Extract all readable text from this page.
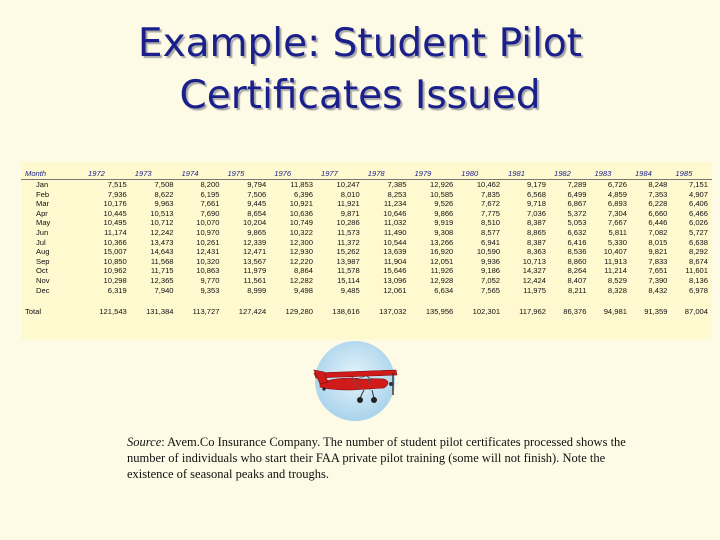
Example: Student Pilot
Certificates Issued
Month	1972	1973	1974	1975	1976	1977	1978	1979	1980	1981	1982	1983	1984	1985
Jan	7,515	7,508	8,200	9,794	11,853	10,247	7,385	12,926	10,462	9,179	7,289	6,726	8,248	7,151
Feb	7,936	8,622	6,195	7,506	6,396	8,010	8,253	10,585	7,835	6,568	6,499	4,859	7,353	4,907
Mar	10,176	9,963	7,661	9,445	10,921	11,921	11,234	9,526	7,672	9,718	6,867	6,893	6,228	6,406
Apr	10,445	10,513	7,690	8,654	10,636	9,871	10,646	9,866	7,775	7,036	5,372	7,304	6,660	6,466
May	10,495	10,712	10,070	10,204	10,749	10,286	11,032	9,919	8,510	8,387	5,053	7,667	6,446	6,026
Jun	11,174	12,242	10,970	9,865	10,322	11,573	11,490	9,308	8,577	8,865	6,632	5,811	7,082	5,727
Jul	10,366	13,473	10,261	12,339	12,300	11,372	10,544	13,266	6,941	8,387	6,416	5,330	8,015	6,638
Aug	15,007	14,643	12,431	12,471	12,930	15,262	13,639	16,920	10,590	8,363	8,536	10,407	9,821	8,292
Sep	10,850	11,568	10,320	13,567	12,220	13,987	11,904	12,051	9,936	10,713	8,860	11,913	7,833	8,674
Oct	10,962	11,715	10,863	11,979	8,864	11,578	15,646	11,926	9,186	14,327	8,264	11,214	7,651	11,601
Nov	10,298	12,365	9,770	11,561	12,282	15,114	13,096	12,928	7,052	12,424	8,407	8,529	7,390	8,136
Dec	6,319	7,940	9,353	8,999	9,498	9,485	12,061	6,634	7,565	11,975	8,211	8,328	8,432	6,978

Total	121,543	131,384	113,727	127,424	129,280	138,616	137,032	135,956	102,301	117,962	86,376	94,981	91,359	87,004
Source: Avem.Co Insurance Company. The number of student pilot certificates processed shows the number of individuals who start their FAA private pilot training (some will not finish). Note the existence of seasonal peaks and troughs.
